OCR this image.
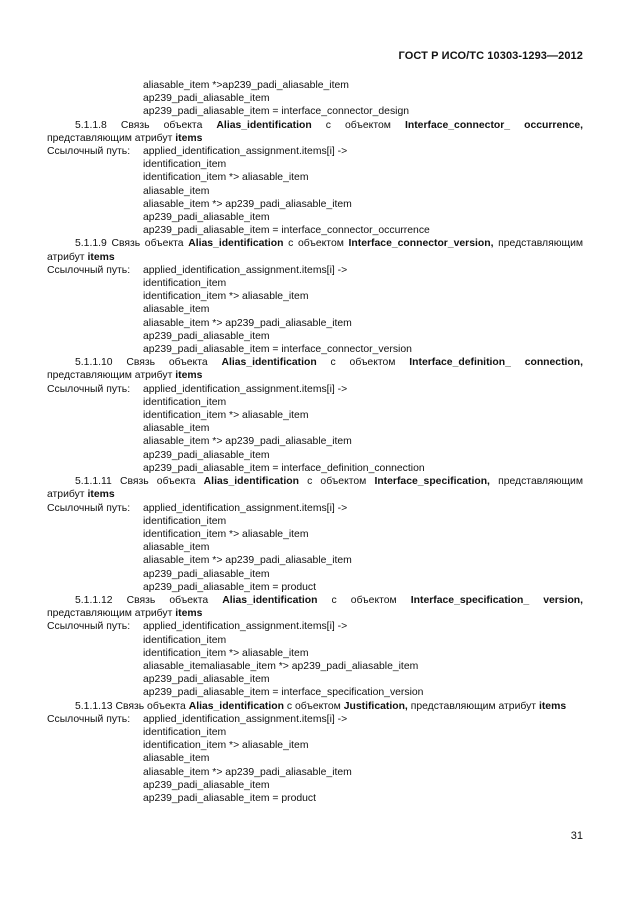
ГОСТ Р ИСО/ТС 10303-1293—2012
aliasable_item *>ap239_padi_aliasable_item
ap239_padi_aliasable_item
ap239_padi_aliasable_item = interface_connector_design
5.1.1.8 Связь объекта Alias_identification с объектом Interface_connector_ occurrence, представляющим атрибут items
Ссылочный путь:	applied_identification_assignment.items[i] ->
identification_item
identification_item *> aliasable_item
aliasable_item
aliasable_item *> ap239_padi_aliasable_item
ap239_padi_aliasable_item
ap239_padi_aliasable_item = interface_connector_occurrence
5.1.1.9 Связь объекта Alias_identification с объектом Interface_connector_version, представляющим атрибут items
Ссылочный путь:	applied_identification_assignment.items[i] ->
identification_item
identification_item *> aliasable_item
aliasable_item
aliasable_item *> ap239_padi_aliasable_item
ap239_padi_aliasable_item
ap239_padi_aliasable_item = interface_connector_version
5.1.1.10 Связь объекта Alias_identification с объектом Interface_definition_ connection, представляющим атрибут items
Ссылочный путь:	applied_identification_assignment.items[i] ->
identification_item
identification_item *> aliasable_item
aliasable_item
aliasable_item *> ap239_padi_aliasable_item
ap239_padi_aliasable_item
ap239_padi_aliasable_item = interface_definition_connection
5.1.1.11 Связь объекта Alias_identification с объектом Interface_specification, представляющим атрибут items
Ссылочный путь:	applied_identification_assignment.items[i] ->
identification_item
identification_item *> aliasable_item
aliasable_item
aliasable_item *> ap239_padi_aliasable_item
ap239_padi_aliasable_item
ap239_padi_aliasable_item = product
5.1.1.12 Связь объекта Alias_identification с объектом Interface_specification_ version, представляющим атрибут items
Ссылочный путь:	applied_identification_assignment.items[i] ->
identification_item
identification_item *> aliasable_item
aliasable_itemaliasable_item *> ap239_padi_aliasable_item
ap239_padi_aliasable_item
ap239_padi_aliasable_item = interface_specification_version
5.1.1.13 Связь объекта Alias_identification с объектом Justification, представляющим атрибут items
Ссылочный путь:	applied_identification_assignment.items[i] ->
identification_item
identification_item *> aliasable_item
aliasable_item
aliasable_item *> ap239_padi_aliasable_item
ap239_padi_aliasable_item
ap239_padi_aliasable_item = product
31
